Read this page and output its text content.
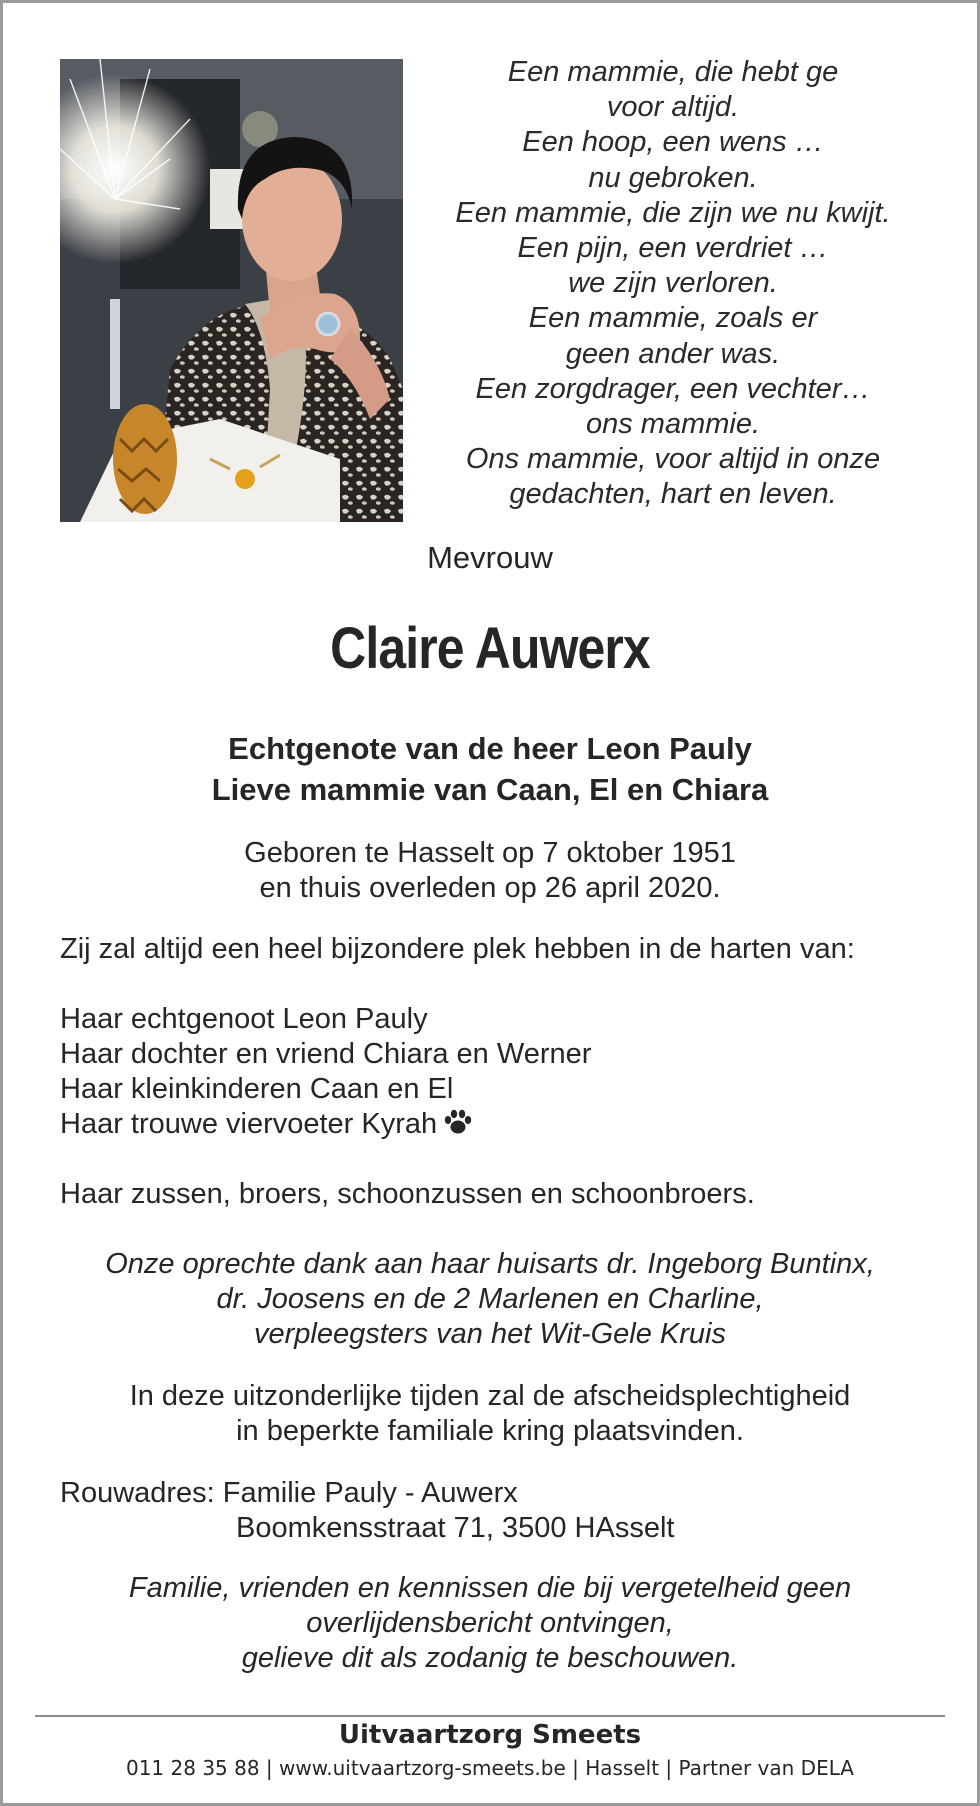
Een mammie, die hebt ge
voor altijd.
Een hoop, een wens …
nu gebroken.
Een mammie, die zijn we nu kwijt.
Een pijn, een verdriet …
we zijn verloren.
Een mammie, zoals er
geen ander was.
Een zorgdrager, een vechter…
ons mammie.
Ons mammie, voor altijd in onze
gedachten, hart en leven.
Mevrouw
Claire Auwerx
Echtgenote van de heer Leon Pauly
Lieve mammie van Caan, El en Chiara
Geboren te Hasselt op 7 oktober 1951
en thuis overleden op 26 april 2020.
Zij zal altijd een heel bijzondere plek hebben in de harten van:
Haar echtgenoot Leon Pauly
Haar dochter en vriend Chiara en Werner
Haar kleinkinderen Caan en El
Haar trouwe viervoeter Kyrah
Haar zussen, broers, schoonzussen en schoonbroers.
Onze oprechte dank aan haar huisarts dr. Ingeborg Buntinx,
dr. Joosens en de 2 Marlenen en Charline,
verpleegsters van het Wit-Gele Kruis
In deze uitzonderlijke tijden zal de afscheidsplechtigheid
in beperkte familiale kring plaatsvinden.
Rouwadres: Familie Pauly - Auwerx
Boomkensstraat 71, 3500 HAsselt
Familie, vrienden en kennissen die bij vergetelheid geen
overlijdensbericht ontvingen,
gelieve dit als zodanig te beschouwen.
Uitvaartzorg Smeets
011 28 35 88 | www.uitvaartzorg-smeets.be | Hasselt | Partner van DELA
